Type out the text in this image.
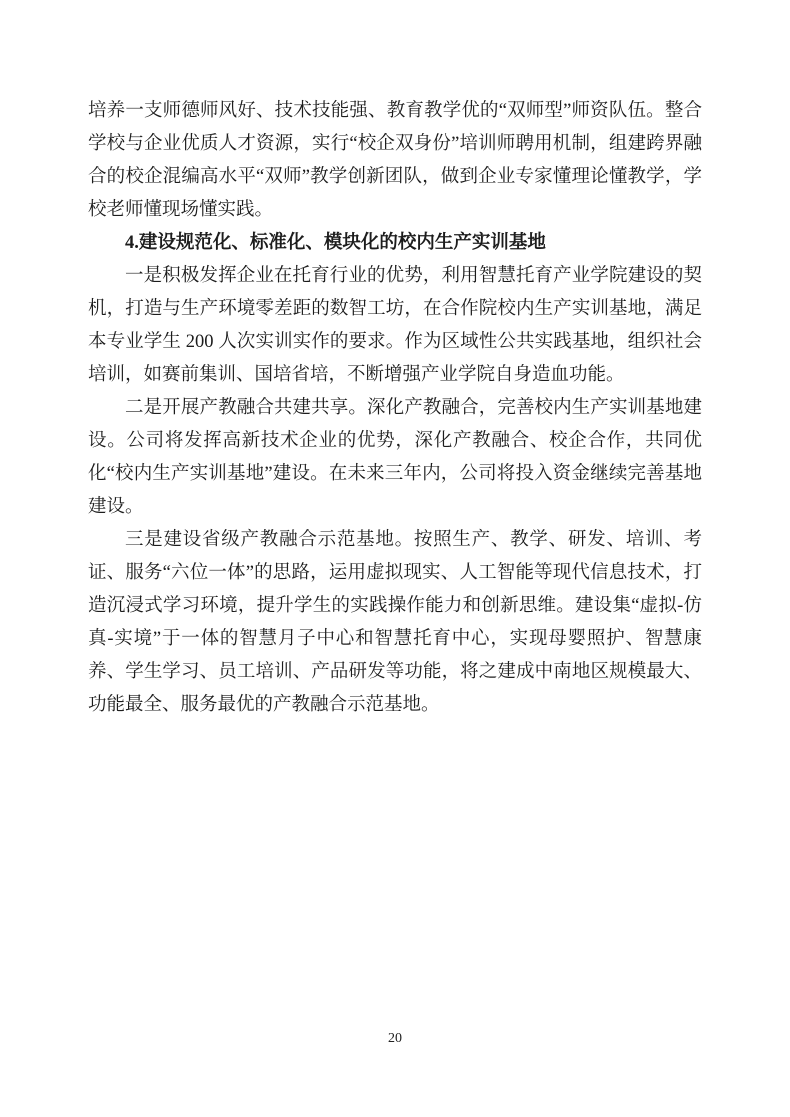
培养一支师德师风好、技术技能强、教育教学优的“双师型”师资队伍。整合学校与企业优质人才资源，实行“校企双身份”培训师聘用机制，组建跨界融合的校企混编高水平“双师”教学创新团队，做到企业专家懂理论懂教学，学校老师懂现场懂实践。

4.建设规范化、标准化、模块化的校内生产实训基地

一是积极发挥企业在托育行业的优势，利用智慧托育产业学院建设的契机，打造与生产环境零差距的数智工坊，在合作院校内生产实训基地，满足本专业学生 200 人次实训实作的要求。作为区域性公共实践基地，组织社会培训，如赛前集训、国培省培，不断增强产业学院自身造血功能。

二是开展产教融合共建共享。深化产教融合，完善校内生产实训基地建设。公司将发挥高新技术企业的优势，深化产教融合、校企合作，共同优化“校内生产实训基地”建设。在未来三年内，公司将投入资金继续完善基地建设。

三是建设省级产教融合示范基地。按照生产、教学、研发、培训、考证、服务“六位一体”的思路，运用虚拟现实、人工智能等现代信息技术，打造沉浸式学习环境，提升学生的实践操作能力和创新思维。建设集“虚拟-仿真-实境”于一体的智慧月子中心和智慧托育中心，实现母婴照护、智慧康养、学生学习、员工培训、产品研发等功能，将之建成中南地区规模最大、功能最全、服务最优的产教融合示范基地。

20
